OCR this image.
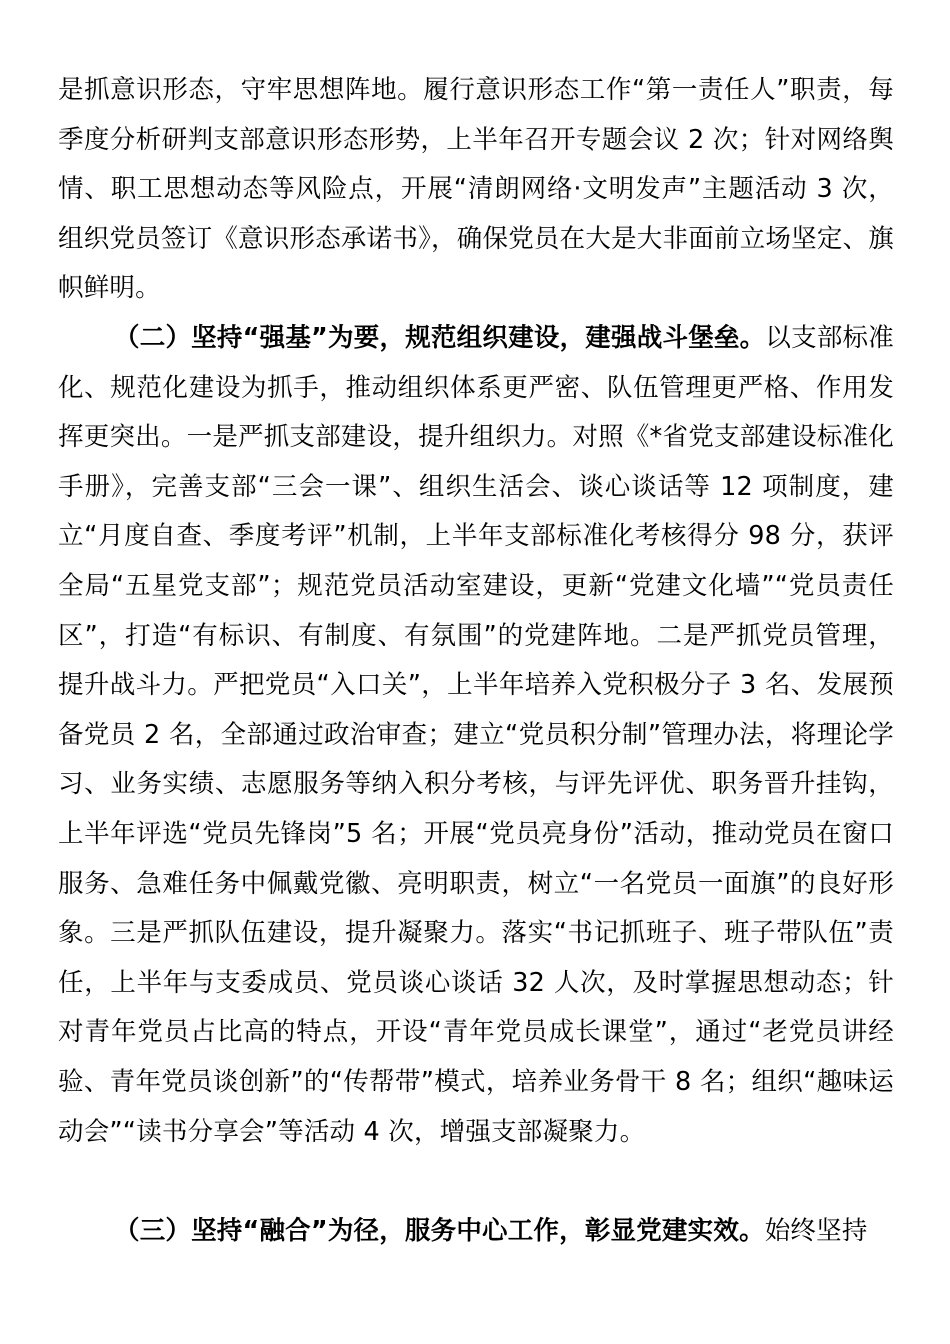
是抓意识形态，守牢思想阵地。履行意识形态工作“第一责任人”职责，每季度分析研判支部意识形态形势，上半年召开专题会议 2 次；针对网络舆情、职工思想动态等风险点，开展“清朗网络·文明发声”主题活动 3 次，组织党员签订《意识形态承诺书》，确保党员在大是大非面前立场坚定、旗帜鲜明。

（二）坚持“强基”为要，规范组织建设，建强战斗堡垒。以支部标准化、规范化建设为抓手，推动组织体系更严密、队伍管理更严格、作用发挥更突出。一是严抓支部建设，提升组织力。对照《*省党支部建设标准化手册》，完善支部“三会一课”、组织生活会、谈心谈话等 12 项制度，建立“月度自查、季度考评”机制，上半年支部标准化考核得分 98 分，获评全局“五星党支部”；规范党员活动室建设，更新“党建文化墙”“党员责任区”，打造“有标识、有制度、有氛围”的党建阵地。二是严抓党员管理，提升战斗力。严把党员“入口关”，上半年培养入党积极分子 3 名、发展预备党员 2 名，全部通过政治审查；建立“党员积分制”管理办法，将理论学习、业务实绩、志愿服务等纳入积分考核，与评先评优、职务晋升挂钩，上半年评选“党员先锋岗”5 名；开展“党员亮身份”活动，推动党员在窗口服务、急难任务中佩戴党徽、亮明职责，树立“一名党员一面旗”的良好形象。三是严抓队伍建设，提升凝聚力。落实“书记抓班子、班子带队伍”责任，上半年与支委成员、党员谈心谈话 32 人次，及时掌握思想动态；针对青年党员占比高的特点，开设“青年党员成长课堂”，通过“老党员讲经验、青年党员谈创新”的“传帮带”模式，培养业务骨干 8 名；组织“趣味运动会”“读书分享会”等活动 4 次，增强支部凝聚力。

（三）坚持“融合”为径，服务中心工作，彰显党建实效。始终坚持
